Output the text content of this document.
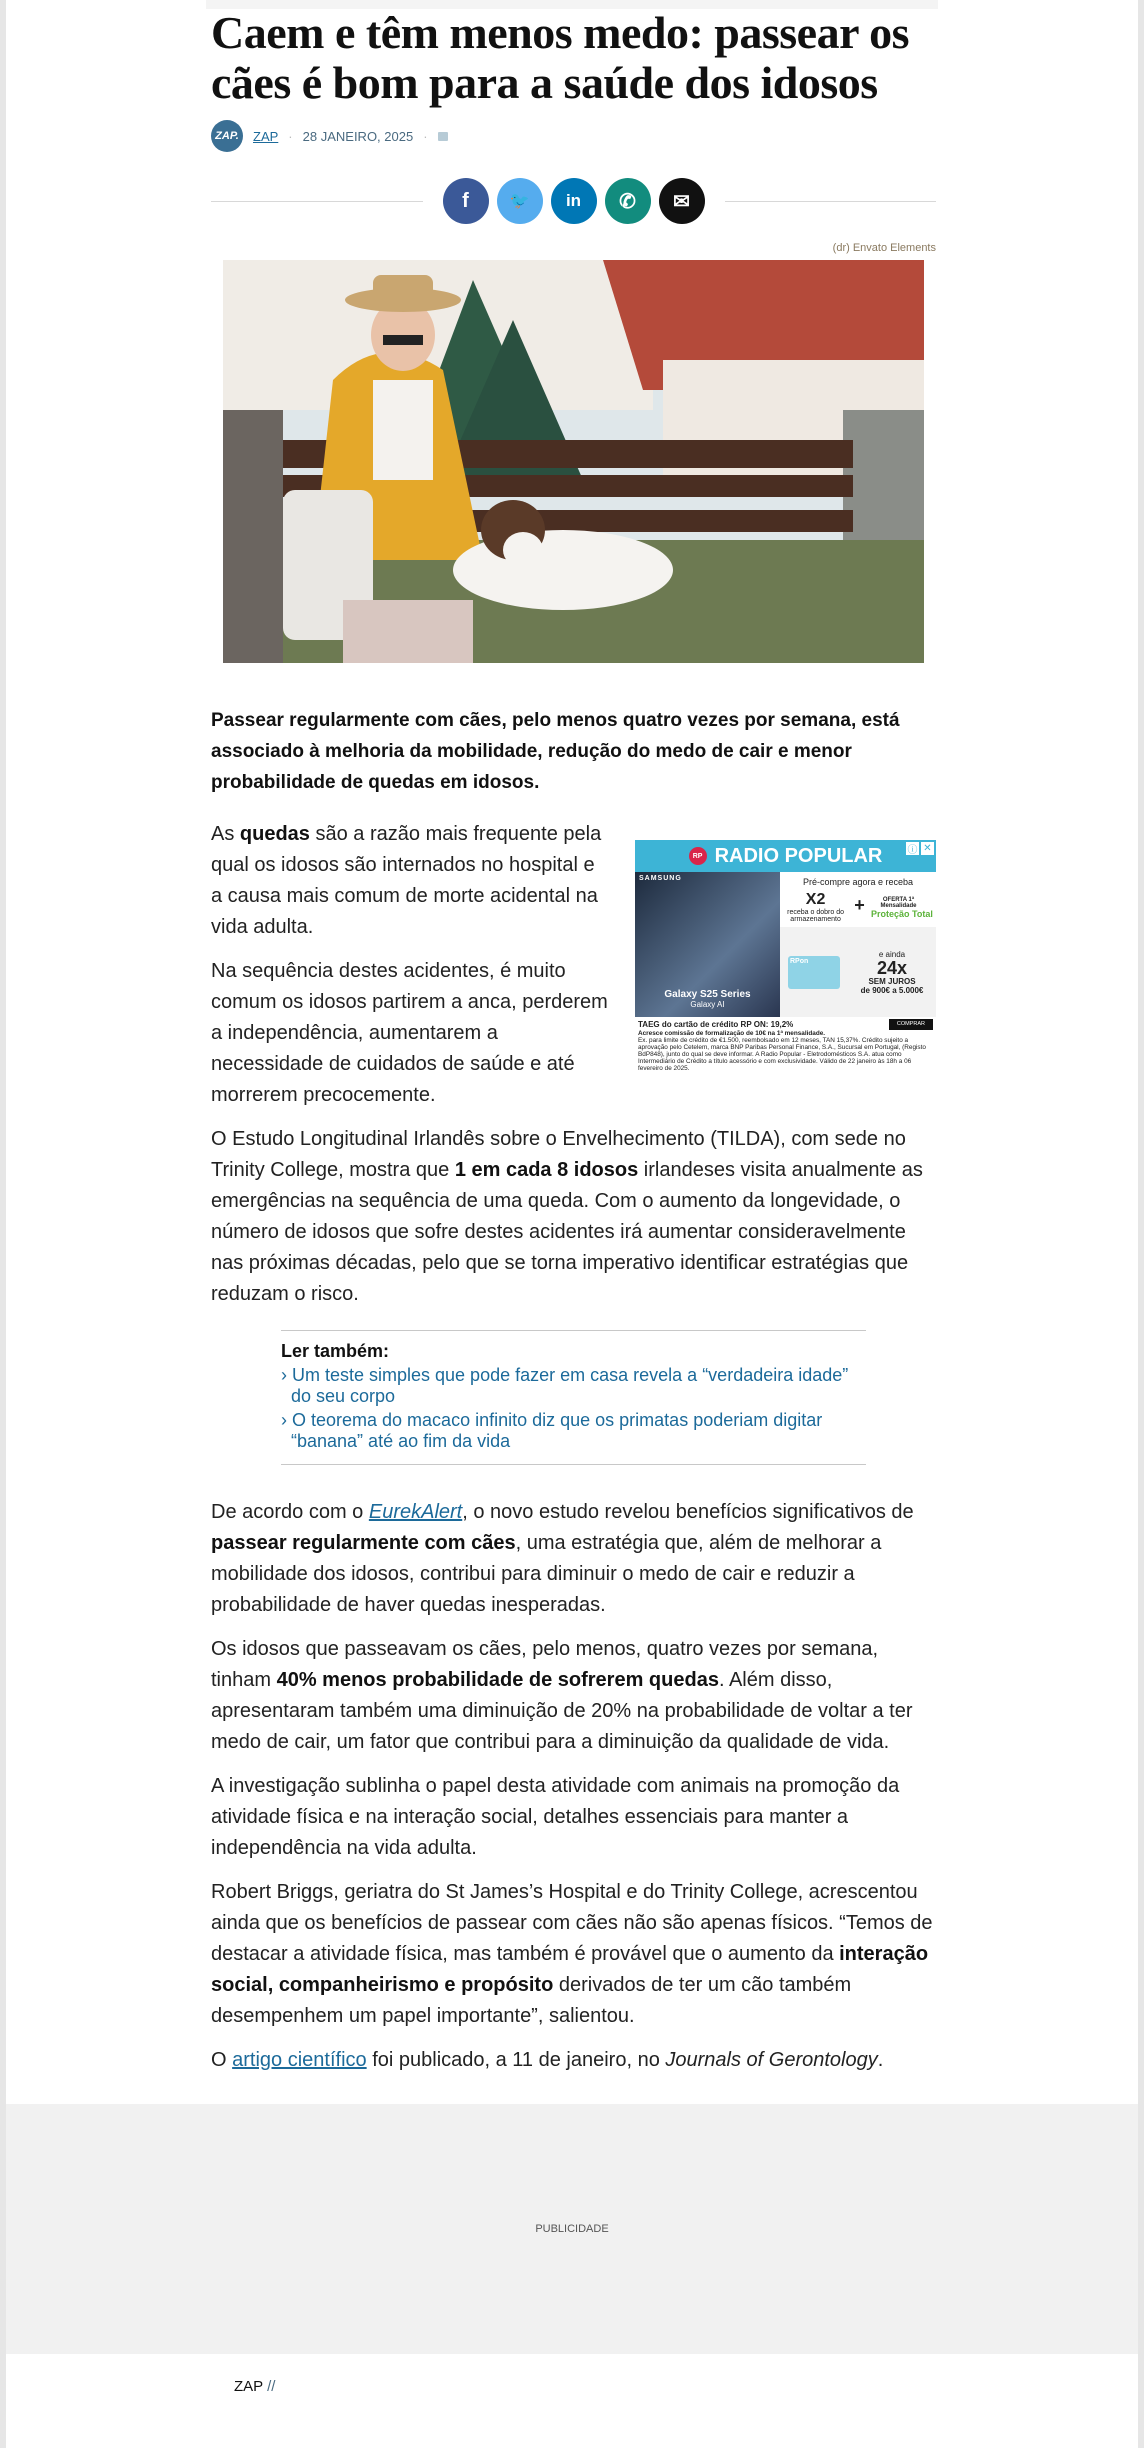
Caem e têm menos medo: passear os cães é bom para a saúde dos idosos
ZAP.	ZAP · 28 JANEIRO, 2025 ·
f	🐦 in ✆ ✉
(dr) Envato Elements

Passear regularmente com cães, pelo menos quatro vezes por semana, está associado à melhoria da mobilidade, redução do medo de cair e menor probabilidade de quedas em idosos.

RP RADIO POPULAR	ⓘ ✕
SAMSUNG
Galaxy S25 Series
Galaxy AI
Pré-compre agora e receba
X2
receba o dobro do armazenamento
+	OFERTA 1ª Mensalidade
Proteção Total
RPon
e ainda
24x
SEM JUROS
de 900€ a 5.000€
TAEG do cartão de crédito RP ON: 19,2%	COMPRAR
Acresce comissão de formalização de 10€ na 1ª mensalidade.
Ex. para limite de crédito de €1.500, reembolsado em 12 meses, TAN 15,37%. Crédito sujeito a aprovação pelo Cetelem, marca BNP Paribas Personal Finance, S.A., Sucursal em Portugal, (Registo BdP848), junto do qual se deve informar. A Radio Popular - Eletrodomésticos S.A. atua como Intermediário de Crédito a título acessório e com exclusividade. Válido de 22 janeiro às 18h a 06 fevereiro de 2025.

As quedas são a razão mais frequente pela qual os idosos são internados no hospital e a causa mais comum de morte acidental na vida adulta.

Na sequência destes acidentes, é muito comum os idosos partirem a anca, perderem a independência, aumentarem a necessidade de cuidados de saúde e até morrerem precocemente.

O Estudo Longitudinal Irlandês sobre o Envelhecimento (TILDA), com sede no Trinity College, mostra que 1 em cada 8 idosos irlandeses visita anualmente as emergências na sequência de uma queda. Com o aumento da longevidade, o número de idosos que sofre destes acidentes irá aumentar consideravelmente nas próximas décadas, pelo que se torna imperativo identificar estratégias que reduzam o risco.

Ler também:
› Um teste simples que pode fazer em casa revela a “verdadeira idade” do seu corpo
› O teorema do macaco infinito diz que os primatas poderiam digitar “banana” até ao fim da vida

De acordo com o EurekAlert, o novo estudo revelou benefícios significativos de passear regularmente com cães, uma estratégia que, além de melhorar a mobilidade dos idosos, contribui para diminuir o medo de cair e reduzir a probabilidade de haver quedas inesperadas.

Os idosos que passeavam os cães, pelo menos, quatro vezes por semana, tinham 40% menos probabilidade de sofrerem quedas. Além disso, apresentaram também uma diminuição de 20% na probabilidade de voltar a ter medo de cair, um fator que contribui para a diminuição da qualidade de vida.

A investigação sublinha o papel desta atividade com animais na promoção da atividade física e na interação social, detalhes essenciais para manter a independência na vida adulta.

Robert Briggs, geriatra do St James’s Hospital e do Trinity College, acrescentou ainda que os benefícios de passear com cães não são apenas físicos. “Temos de destacar a atividade física, mas também é provável que o aumento da interação social, companheirismo e propósito derivados de ter um cão também desempenhem um papel importante”, salientou.

O artigo científico foi publicado, a 11 de janeiro, no Journals of Gerontology.

PUBLICIDADE
ZAP //
